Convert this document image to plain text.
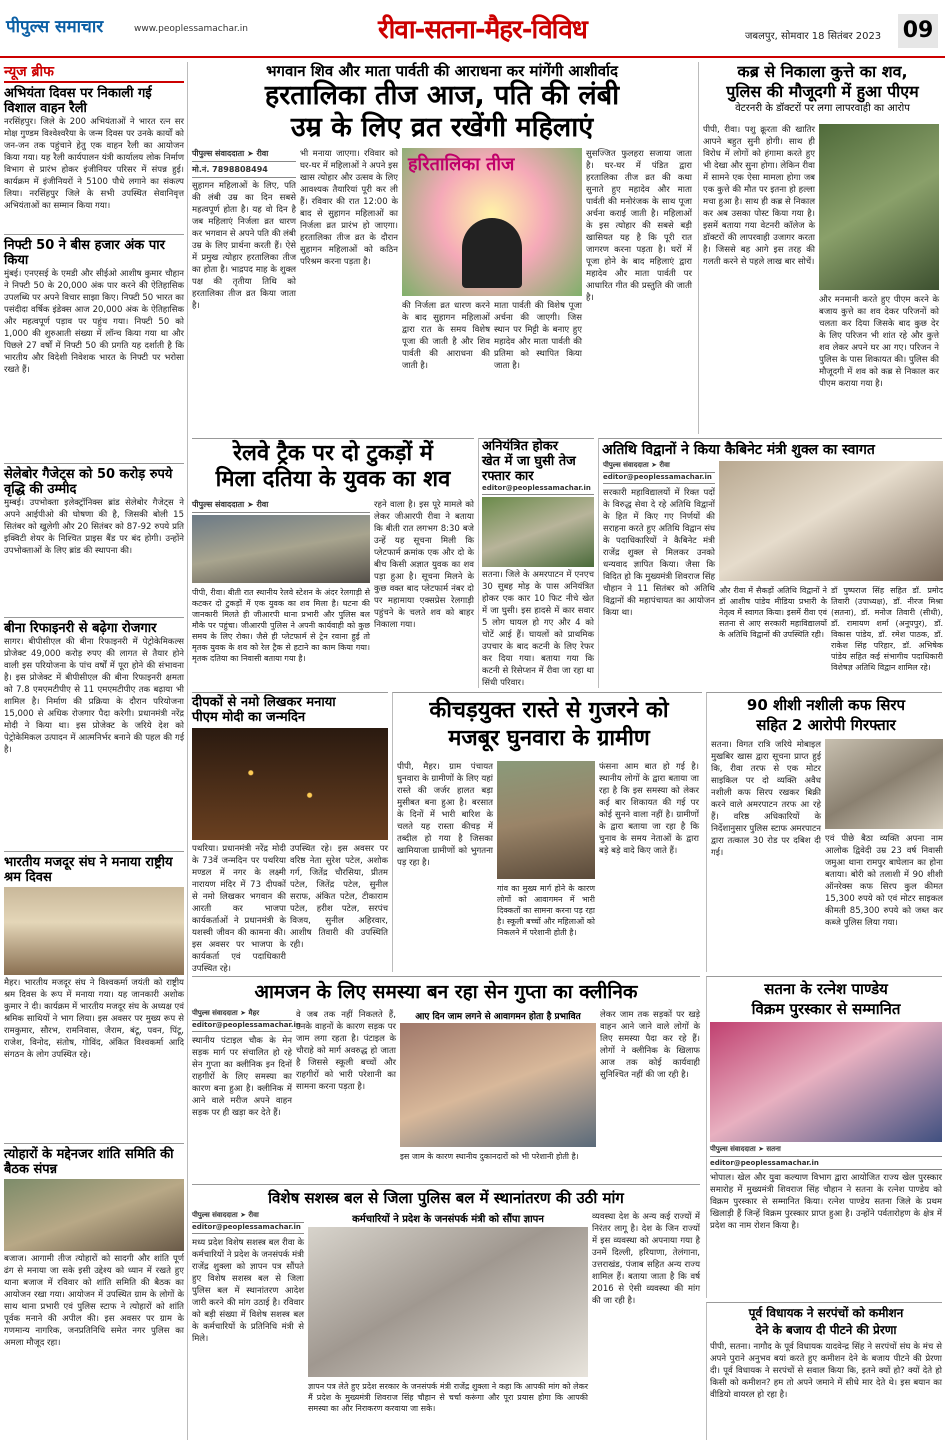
पीपुल्स समाचार	www.peoplessamachar.in	रीवा-सतना-मैहर-विविध	जबलपुर, सोमवार 18 सितंबर 2023 09
न्यूज ब्रीफ
अभियंता दिवस पर निकाली गई विशाल वाहन रैली
नरसिंहपुर। जिले के 200 अभियंताओं ने भारत रत्न सर मोक्ष गुण्डम विश्वेश्वरैया के जन्म दिवस पर उनके कार्यों को जन-जन तक पहुंचाने हेतु एक वाहन रैली का आयोजन किया गया। यह रैली कार्यपालन यंत्री कार्यालय लोक निर्माण विभाग से प्रारंभ होकर इंजीनियर परिसर में संपन्न हुई। कार्यक्रम में इंजीनियरों ने 5100 पौधे लगाने का संकल्प लिया। नरसिंहपुर जिले के सभी उपस्थित सेवानिवृत्त अभियंताओं का सम्मान किया गया।
निफ्टी 50 ने बीस हजार अंक पार किया
मुंबई। एनएसई के एमडी और सीईओ आशीष कुमार चौहान ने निफ्टी 50 के 20,000 अंक पार करने की ऐतिहासिक उपलब्धि पर अपने विचार साझा किए। निफ्टी 50 भारत का पसंदीदा वर्षिक इंडेक्स आज 20,000 अंक के ऐतिहासिक और महत्वपूर्ण पड़ाव पर पहुंच गया। निफ्टी 50 को 1,000 की शुरुआती संख्या में लॉन्च किया गया था और पिछले 27 वर्षों में निफ्टी 50 की प्रगति यह दर्शाती है कि भारतीय और विदेशी निवेशक भारत के निफ्टी पर भरोसा रखते हैं।
सेलेबोर गैजेट्स को 50 करोड़ रुपये वृद्धि की उम्मीद
मुम्बई। उपभोक्ता इलेक्ट्रॉनिक्स ब्रांड सेलेबोर गैजेट्स ने अपने आईपीओ की घोषणा की है, जिसकी बोली 15 सितंबर को खुलेगी और 20 सितंबर को 87-92 रुपये प्रति इक्विटी शेयर के निश्चित प्राइस बैंड पर बंद होगी। उन्होंने उपभोक्ताओं के लिए ब्रांड की स्थापना की।
बीना रिफाइनरी से बढ़ेगा रोजगार
सागर। बीपीसीएल की बीना रिफाइनरी में पेट्रोकेमिकल्स प्रोजेक्ट 49,000 करोड़ रुपए की लागत से तैयार होने वाली इस परियोजना के पांच वर्षों में पूरा होने की संभावना है। इस प्रोजेक्ट में बीपीसीएल की बीना रिफाइनरी क्षमता को 7.8 एमएमटीपीए से 11 एमएमटीपीए तक बढ़ाया भी शामिल है। निर्माण की प्रक्रिया के दौरान परियोजना 15,000 से अधिक रोजगार पैदा करेगी। प्रधानमंत्री नरेंद्र मोदी ने किया था। इस प्रोजेक्ट के जरिये देश को पेट्रोकेमिकल उत्पादन में आत्मनिर्भर बनाने की पहल की गई है।
भारतीय मजदूर संघ ने मनाया राष्ट्रीय श्रम दिवस
मैहर। भारतीय मजदूर संघ ने विश्वकर्मा जयंती को राष्ट्रीय श्रम दिवस के रूप में मनाया गया। यह जानकारी अशोक कुमार ने दी। कार्यक्रम में भारतीय मजदूर संघ के अध्यक्ष एवं श्रमिक साथियों ने भाग लिया। इस अवसर पर मुख्य रूप से रामकुमार, सौरभ, रामनिवास, जैराम, बंटू, पवन, पिंटू, राजेश, विनोद, संतोष, गोविंद, अंकित विश्वकर्मा आदि संगठन के लोग उपस्थित रहे।
त्योहारों के मद्देनजर शांति समिति की बैठक संपन्न
बजाज। आगामी तीज त्योहारों को सादगी और शांति पूर्ण ढंग से मनाया जा सके इसी उद्देश्य को ध्यान में रखते हुए थाना बजाज में रविवार को शांति समिति की बैठक का आयोजन रखा गया। आयोजन में उपस्थित ग्राम के लोगों के साथ थाना प्रभारी एवं पुलिस स्टाफ ने त्योहारों को शांति पूर्वक मनाने की अपील की। इस अवसर पर ग्राम के गणमान्य नागरिक, जनप्रतिनिधि समेत नगर पुलिस का अमला मौजूद रहा।
भगवान शिव और माता पार्वती की आराधना कर मांगेंगी आशीर्वाद
हरतालिका तीज आज, पति की लंबी
उम्र के लिए व्रत रखेंगी महिलाएं
पीपुल्स संवाददाता ➤ रीवा
मो.नं. 7898808494
सुहागन महिलाओं के लिए, पति की लंबी उम्र का दिन सबसे महत्वपूर्ण होता है। यह वो दिन है जब महिलाएं निर्जला व्रत धारण कर भगवान से अपने पति की लंबी उम्र के लिए प्रार्थना करती हैं। ऐसे में प्रमुख त्योहार हरतालिका तीज का होता है। भाद्रपद माह के शुक्ल पक्ष की तृतीया तिथि को हरतालिका तीज व्रत किया जाता है।
भी मनाया जाएगा। रविवार को घर-घर में महिलाओं ने अपने इस खास त्योहार और उत्सव के लिए आवश्यक तैयारियां पूरी कर ली हैं। रविवार की रात 12:00 के बाद से सुहागन महिलाओं का निर्जला व्रत प्रारंभ हो जाएगा। हरतालिका तीज व्रत के दौरान सुहागन महिलाओं को कठिन परिश्रम करना पड़ता है।
हरितालिका तीज
की निर्जला व्रत धारण करने के बाद सुहागन महिलाओं द्वारा रात के समय विशेष पूजा की जाती है और शिव पार्वती की आराधना की जाती है।
माता पार्वती की विशेष पूजा अर्चना की जाएगी। जिस स्थान पर मिट्टी के बनाए हुए महादेव और माता पार्वती की प्रतिमा को स्थापित किया जाता है।
सुसज्जित फुलहरा सजाया जाता है। घर-घर में पंडित द्वारा हरतालिका तीज व्रत की कथा सुनाते हुए महादेव और माता पार्वती की मनोरंजक के साथ पूजा अर्चना कराई जाती है। महिलाओं के इस त्योहार की सबसे बड़ी खासियत यह है कि पूरी रात जागरण करना पड़ता है। घरों में पूजा होने के बाद महिलाएं द्वारा महादेव और माता पार्वती पर आधारित गीत की प्रस्तुति की जाती है।
कब्र से निकाला कुत्ते का शव,
पुलिस की मौजूदगी में हुआ पीएम
वेटरनरी के डॉक्टरों पर लगा लापरवाही का आरोप
पीपी, रीवा। पशु क्रूरता की खातिर आपने बहुत सुनी होगी। साथ ही विरोध में लोगों को हंगामा करते हुए भी देखा और सुना होगा। लेकिन रीवा में सामने एक ऐसा मामला होगा जब एक कुत्ते की मौत पर इतना हो हल्ला मचा हुआ है। साथ ही कब्र से निकाल कर अब उसका पोस्ट किया गया है। इसमें बताया गया वेटनरी कॉलेज के डॉक्टरों की लापरवाही उजागर करता है। जिससे बह आगे इस तरह की गलती करने से पहले लाख बार सोचें।
और मनमानी करते हुए पीएम करने के बजाय कुत्ते का शव देकर परिजनों को चलता कर दिया जिसके बाद कुछ देर के लिए परिजन भी शांत रहे और कुत्ते शव लेकर अपने घर आ गए। परिजन ने पुलिस के पास शिकायत की। पुलिस की मौजूदगी में शव को कब्र से निकाल कर पीएम कराया गया है।
रेलवे ट्रैक पर दो टुकड़ों में
मिला दतिया के युवक का शव
पीपुल्स संवाददाता ➤ रीवा
पीपी, रीवा। बीती रात स्थानीय रेलवे स्टेशन के अंदर रेलगाड़ी से कटकर दो टुकड़ों में एक युवक का शव मिला है। घटना की जानकारी मिलते ही जीआरपी थाना प्रभारी और पुलिस बल मौके पर पहुंचा। जीआरपी पुलिस ने अपनी कार्यवाही को कुछ समय के लिए रोका। जैसे ही प्लेटफार्म से ट्रेन रवाना हुई तो मृतक युवक के शव को रेल ट्रैक से हटाने का काम किया गया। मृतक दतिया का निवासी बताया गया है।
रहने वाला है। इस पूरे मामले को लेकर जीआरपी रीवा ने बताया कि बीती रात लगभग 8:30 बजे उन्हें यह सूचना मिली कि प्लेटफार्म क्रमांक एक और दो के बीच किसी अज्ञात युवक का शव पड़ा हुआ है। सूचना मिलने के कुछ वक्त बाद प्लेटफार्म नंबर दो पर महामाया एक्सप्रेस रेलगाड़ी पहुंचने के चलते शव को बाहर निकाला गया।
अनियंत्रित होकर
खेत में जा घुसी तेज
रफ्तार कार
editor@peoplessamachar.in
सतना। जिले के अमरपाटन में एनएच 30 सुबह मोड़ के पास अनियंत्रित होकर एक कार 10 फिट नीचे खेत में जा घुसी। इस हादसे में कार सवार 5 लोग घायल हो गए और 4 को चोटें आई हैं। घायलों को प्राथमिक उपचार के बाद कटनी के लिए रेफर कर दिया गया। बताया गया कि कटनी से रिसेप्शन में रीवा जा रहा था सिंधी परिवार।
अतिथि विद्वानों ने किया कैबिनेट मंत्री शुक्ल का स्वागत
पीपुल्स संवाददाता ➤ रीवा
editor@peoplessamachar.in
सरकारी महाविद्यालयों में रिक्त पदों के विरुद्ध सेवा दे रहे अतिथि विद्वानों के हित में किए गए निर्णयों की सराहना करते हुए अतिथि विद्वान संघ के पदाधिकारियों ने कैबिनेट मंत्री राजेंद्र शुक्ल से मिलकर उनको धन्यवाद ज्ञापित किया। जैसा कि विदित हो कि मुख्यमंत्री शिवराज सिंह चौहान ने 11 सितंबर को अतिथि विद्वानों की महापंचायत का आयोजन किया था।
और रीवा में सैकड़ों अतिथि विद्वानों ने डॉ आशीष पांडेय मीडिया प्रभारी के नेतृत्व में स्वागत किया। इसमें रीवा एवं सतना से आए सरकारी महाविद्यालयों के अतिथि विद्वानों की उपस्थिति रही।
डॉ पुष्पराज सिंह सहित डॉ. प्रमोद तिवारी (उपाध्यक्ष), डॉ. नीरज मिश्रा (सतना), डॉ. मनोज तिवारी (सीधी), डॉ. रामायण शर्मा (अनूपपुर), डॉ. विकास पांडेय, डॉ. रमेश पाठक, डॉ. राकेश सिंह परिहार, डॉ. अभिषेक पांडेय सहित कई संभागीय पदाधिकारी विशेषज्ञ अतिथि विद्वान शामिल रहे।
दीपकों से नमो लिखकर मनाया
पीएम मोदी का जन्मदिन
पथरिया। प्रधानमंत्री नरेंद्र मोदी के 73वें जन्मदिन पर पथरिया मण्डल में नगर के लक्ष्मी नारायण मंदिर में 73 दीपकों से नमो लिखकर भगवान की आरती कर भाजपा कार्यकर्ताओं ने प्रधानमंत्री के यशस्वी जीवन की कामना की। इस अवसर पर भाजपा के कार्यकर्ता एवं पदाधिकारी उपस्थित रहे।
उपस्थित रहे। इस अवसर पर वरिष्ठ नेता सुरेश पटेल, अशोक गर्ग, जितेंद्र चौरसिया, प्रीतम पटेल, जितेंद्र पटेल, सुनील सराफ, अंकित पटेल, टीकाराम पटेल, हरीश पटेल, सरपंच विजय, सुनील अहिरवार, आशीष तिवारी की उपस्थिति रही।
कीचड़युक्त रास्ते से गुजरने को
मजबूर घुनवारा के ग्रामीण
पीपी, मैहर। ग्राम पंचायत घुनवारा के ग्रामीणों के लिए यहां रास्ते की जर्जर हालत बड़ा मुसीबत बना हुआ है। बरसात के दिनों में भारी बारिश के चलते यह रास्ता कीचड़ में तब्दील हो गया है जिसका खामियाजा ग्रामीणों को भुगतना पड़ रहा है।
गांव का मुख्य मार्ग होने के कारण लोगों को आवागमन में भारी दिक्कतों का सामना करना पड़ रहा है। स्कूली बच्चों और महिलाओं को निकलने में परेशानी होती है।
फंसना आम बात हो गई है। स्थानीय लोगों के द्वारा बताया जा रहा है कि इस समस्या को लेकर कई बार शिकायत की गई पर कोई सुनने वाला नहीं है। ग्रामीणों के द्वारा बताया जा रहा है कि चुनाव के समय नेताओं के द्वारा बड़े बड़े वादे किए जाते हैं।
90 शीशी नशीली कफ सिरप
सहित 2 आरोपी गिरफ्तार
सतना। विगत रात्रि जरिये मोबाइल मुखबिर खास द्वारा सूचना प्राप्त हुई कि, रीवा तरफ से एक मोटर साइकिल पर दो व्यक्ति अवैध नशीली कफ सिरप रखकर बिक्री करने वाले अमरपाटन तरफ आ रहे हैं। वरिष्ठ अधिकारियों के निर्देशानुसार पुलिस स्टाफ अमरपाटन द्वारा तत्काल 30 रोड पर दबिश दी गई।
एवं पीछे बैठा व्यक्ति अपना नाम आलोक द्विवेदी उम्र 23 वर्ष निवासी जमुआ थाना रामपुर बाघेलान का होना बताया। बोरी को तलाशी में 90 शीशी ऑनरेक्स कफ सिरप कुल कीमत 15,300 रुपये को एवं मोटर साइकल कीमती 85,300 रुपये को जब्त कर कब्जे पुलिस लिया गया।
आमजन के लिए समस्या बन रहा सेन गुप्ता का क्लीनिक
पीपुल्स संवाददाता ➤ मैहर
editor@peoplessamachar.in
स्थानीय पंटाइल चौक के मेन सड़क मार्ग पर संचालित हो रहे सेन गुप्ता का क्लीनिक इन दिनों राहगीरों के लिए समस्या का कारण बना हुआ है। क्लीनिक में आने वाले मरीज अपने वाहन सड़क पर ही खड़ा कर देते हैं।
वे जब तक नहीं निकलते हैं, उनके वाहनों के कारण सड़क पर जाम लगा रहता है। पंटाइल के चौराहे को मार्ग अवरुद्ध हो जाता है जिससे स्कूली बच्चों और राहगीरों को भारी परेशानी का सामना करना पड़ता है।
आए दिन जाम लगने से आवागमन होता है प्रभावित
इस जाम के कारण स्थानीय दुकानदारों को भी परेशानी होती है।
लेकर जाम तक सड़कों पर खड़े वाहन आने जाने वाले लोगों के लिए समस्या पैदा कर रहे हैं। लोगों ने क्लीनिक के खिलाफ आज तक कोई कार्यवाही सुनिश्चित नहीं की जा रही है।
सतना के रत्नेश पाण्डेय
विक्रम पुरस्कार से सम्मानित
पीपुल्स संवाददाता ➤ सतना
editor@peoplessamachar.in
भोपाल। खेल और युवा कल्याण विभाग द्वारा आयोजित राज्य खेल पुरस्कार समारोह में मुख्यमंत्री शिवराज सिंह चौहान ने सतना के रत्नेश पाण्डेय को विक्रम पुरस्कार से सम्मानित किया। रत्नेश पाण्डेय सतना जिले के प्रथम खिलाड़ी हैं जिन्हें विक्रम पुरस्कार प्राप्त हुआ है। उन्होंने पर्वतारोहण के क्षेत्र में प्रदेश का नाम रोशन किया है।
विशेष सशस्त्र बल से जिला पुलिस बल में स्थानांतरण की उठी मांग
पीपुल्स संवाददाता ➤ रीवा
editor@peoplessamachar.in
कर्मचारियों ने प्रदेश के जनसंपर्क मंत्री को सौंपा ज्ञापन
मध्य प्रदेश विशेष सशस्त्र बल रीवा के कर्मचारियों ने प्रदेश के जनसंपर्क मंत्री राजेंद्र शुक्ला को ज्ञापन पत्र सौंपते हुए विशेष सशस्त्र बल से जिला पुलिस बल में स्थानांतरण आदेश जारी करने की मांग उठाई है। रविवार को बड़ी संख्या में विशेष सशस्त्र बल के कर्मचारियों के प्रतिनिधि मंत्री से मिले।
ज्ञापन पत्र लेते हुए प्रदेश सरकार के जनसंपर्क मंत्री राजेंद्र शुक्ला ने कहा कि आपकी मांग को लेकर मैं प्रदेश के मुख्यमंत्री शिवराज सिंह चौहान से चर्चा करूंगा और पूरा प्रयास होगा कि आपकी समस्या का और निराकरण करवाया जा सके।
व्यवस्था देश के अन्य कई राज्यों में निरंतर लागू है। देश के जिन राज्यों में इस व्यवस्था को अपनाया गया है उनमें दिल्ली, हरियाणा, तेलंगाना, उत्तराखंड, पंजाब सहित अन्य राज्य शामिल हैं। बताया जाता है कि वर्ष 2016 से ऐसी व्यवस्था की मांग की जा रही है।
पूर्व विधायक ने सरपंचों को कमीशन
देने के बजाय दी पीटने की प्रेरणा
पीपी, सतना। नागौद के पूर्व विधायक यादवेन्द्र सिंह ने सरपंचों संघ के मंच से अपने पुराने अनुभव बयां करते हुए कमीशन देने के बजाय पीटने की प्रेरणा दी। पूर्व विधायक ने सरपंचों से सवाल किया कि, इतने क्यों हो? क्यों देते हो किसी को कमीशन? हम तो अपने जमाने में सीधे मार देते थे। इस बयान का वीडियो वायरल हो रहा है।
